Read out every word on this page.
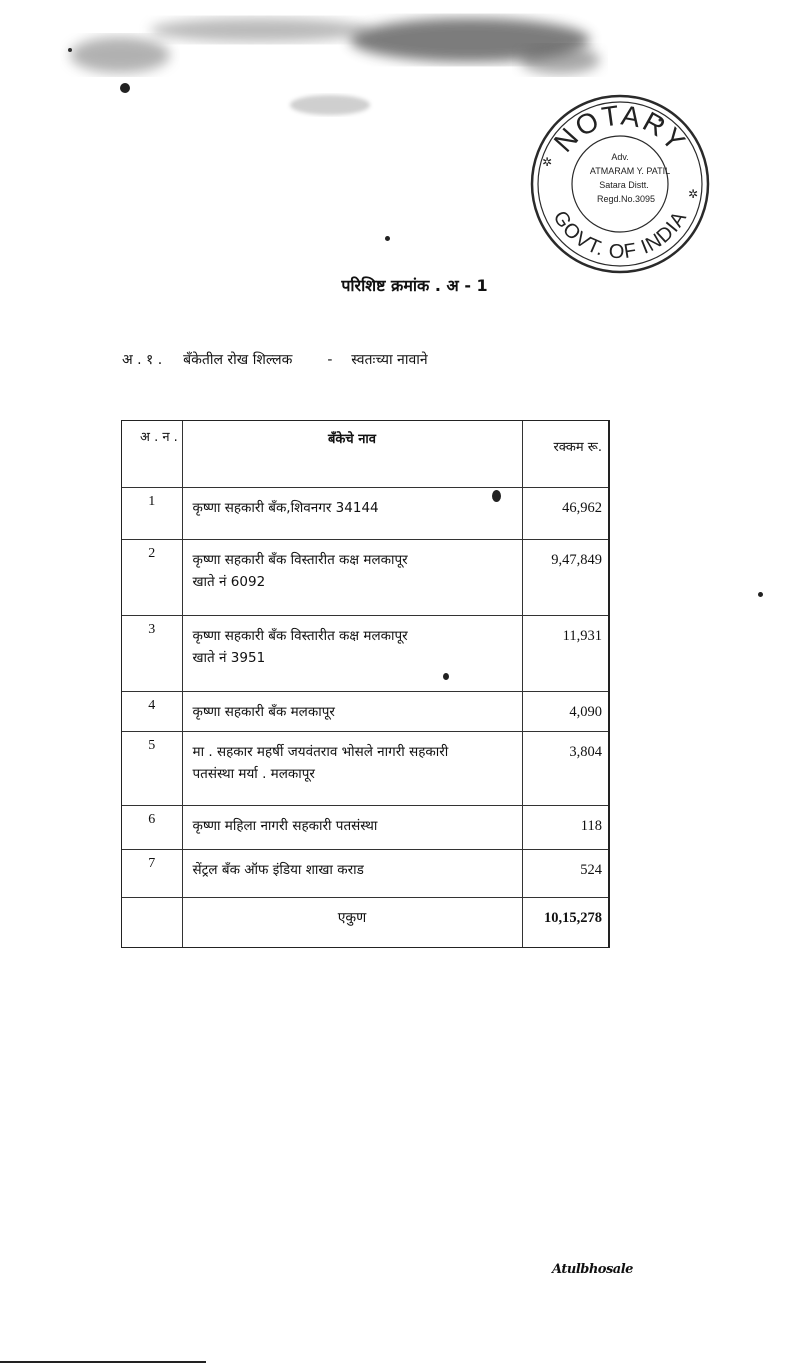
NOTARY
GOVT. OF INDIA
✲
✲
Adv.
ATMARAM Y. PATIL
Satara Distt.
Regd.No.3095
परिशिष्ट क्रमांक . अ - 1
अ . १ . बँकेतील रोख शिल्लक - स्वतःच्या नावाने
अ . न .	बँकेचे नाव	रक्कम रू.
1	कृष्णा सहकारी बँक,शिवनगर 34144	46,962
2	कृष्णा सहकारी बँक विस्तारीत कक्ष मलकापूर
खाते नं 6092	9,47,849
3	कृष्णा सहकारी बँक विस्तारीत कक्ष मलकापूर
खाते नं 3951	11,931
4	कृष्णा सहकारी बँक मलकापूर	4,090
5	मा . सहकार महर्षी जयवंतराव भोसले नागरी सहकारी
पतसंस्था मर्या . मलकापूर	3,804
6	कृष्णा महिला नागरी सहकारी पतसंस्था	118
7	सेंट्रल बँक ऑफ इंडिया शाखा कराड	524
	एकुण	10,15,278
Atulbhosale
